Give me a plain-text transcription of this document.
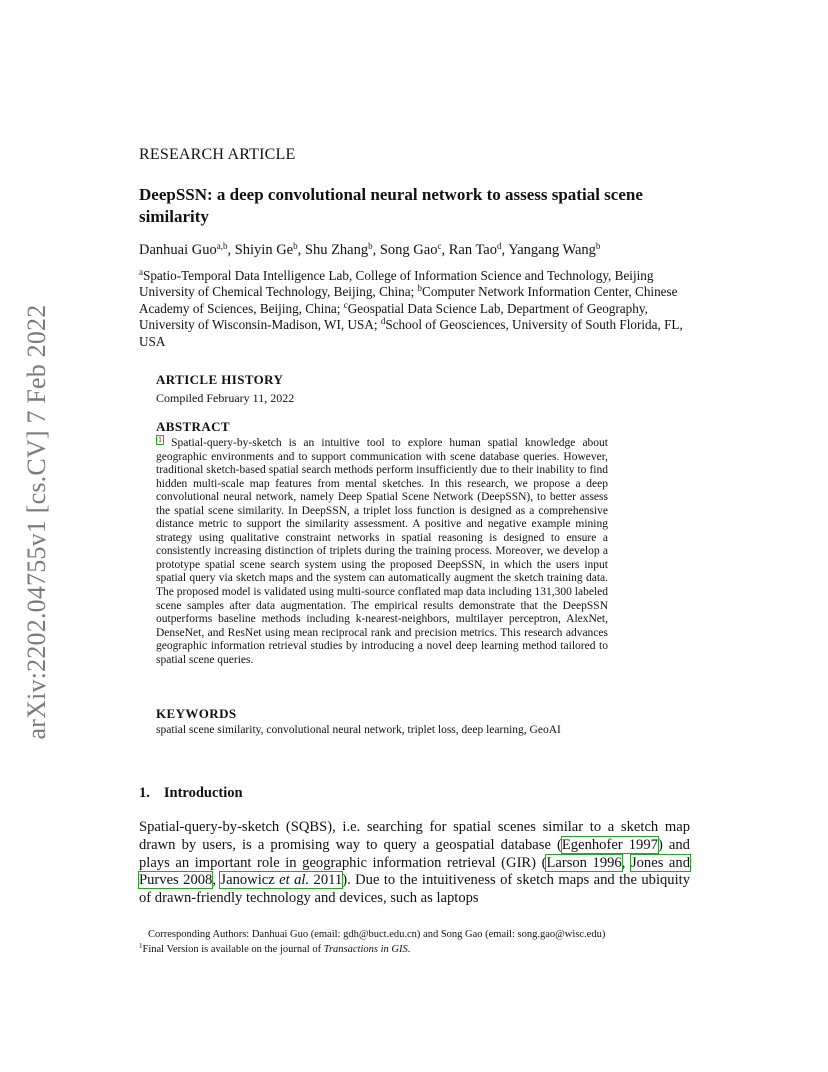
arXiv:2202.04755v1 [cs.CV] 7 Feb 2022
RESEARCH ARTICLE
DeepSSN: a deep convolutional neural network to assess spatial scene similarity
Danhuai Guo$^{a,b}$, Shiyin Ge$^b$, Shu Zhang$^b$, Song Gao$^c$, Ran Tao$^d$, Yangang Wang$^b$
$^a$Spatio-Temporal Data Intelligence Lab, College of Information Science and Technology, Beijing University of Chemical Technology, Beijing, China; $^b$Computer Network Information Center, Chinese Academy of Sciences, Beijing, China; $^c$Geospatial Data Science Lab, Department of Geography, University of Wisconsin-Madison, WI, USA; $^d$School of Geosciences, University of South Florida, FL, USA
ARTICLE HISTORY
Compiled February 11, 2022
ABSTRACT
1 Spatial-query-by-sketch is an intuitive tool to explore human spatial knowledge about geographic environments and to support communication with scene database queries. However, traditional sketch-based spatial search methods perform insufficiently due to their inability to find hidden multi-scale map features from mental sketches. In this research, we propose a deep convolutional neural network, namely Deep Spatial Scene Network (DeepSSN), to better assess the spatial scene similarity. In DeepSSN, a triplet loss function is designed as a comprehensive distance metric to support the similarity assessment. A positive and negative example mining strategy using qualitative constraint networks in spatial reasoning is designed to ensure a consistently increasing distinction of triplets during the training process. Moreover, we develop a prototype spatial scene search system using the proposed DeepSSN, in which the users input spatial query via sketch maps and the system can automatically augment the sketch training data. The proposed model is validated using multi-source conflated map data including 131,300 labeled scene samples after data augmentation. The empirical results demonstrate that the DeepSSN outperforms baseline methods including k-nearest-neighbors, multilayer perceptron, AlexNet, DenseNet, and ResNet using mean reciprocal rank and precision metrics. This research advances geographic information retrieval studies by introducing a novel deep learning method tailored to spatial scene queries.
KEYWORDS
spatial scene similarity, convolutional neural network, triplet loss, deep learning, GeoAI
1. Introduction
Spatial-query-by-sketch (SQBS), i.e. searching for spatial scenes similar to a sketch map drawn by users, is a promising way to query a geospatial database (Egenhofer 1997) and plays an important role in geographic information retrieval (GIR) (Larson 1996, Jones and Purves 2008, Janowicz et al. 2011). Due to the intuitiveness of sketch maps and the ubiquity of drawn-friendly technology and devices, such as laptops
Corresponding Authors: Danhuai Guo (email: gdh@buct.edu.cn) and Song Gao (email: song.gao@wisc.edu)
$^1$Final Version is available on the journal of Transactions in GIS.
